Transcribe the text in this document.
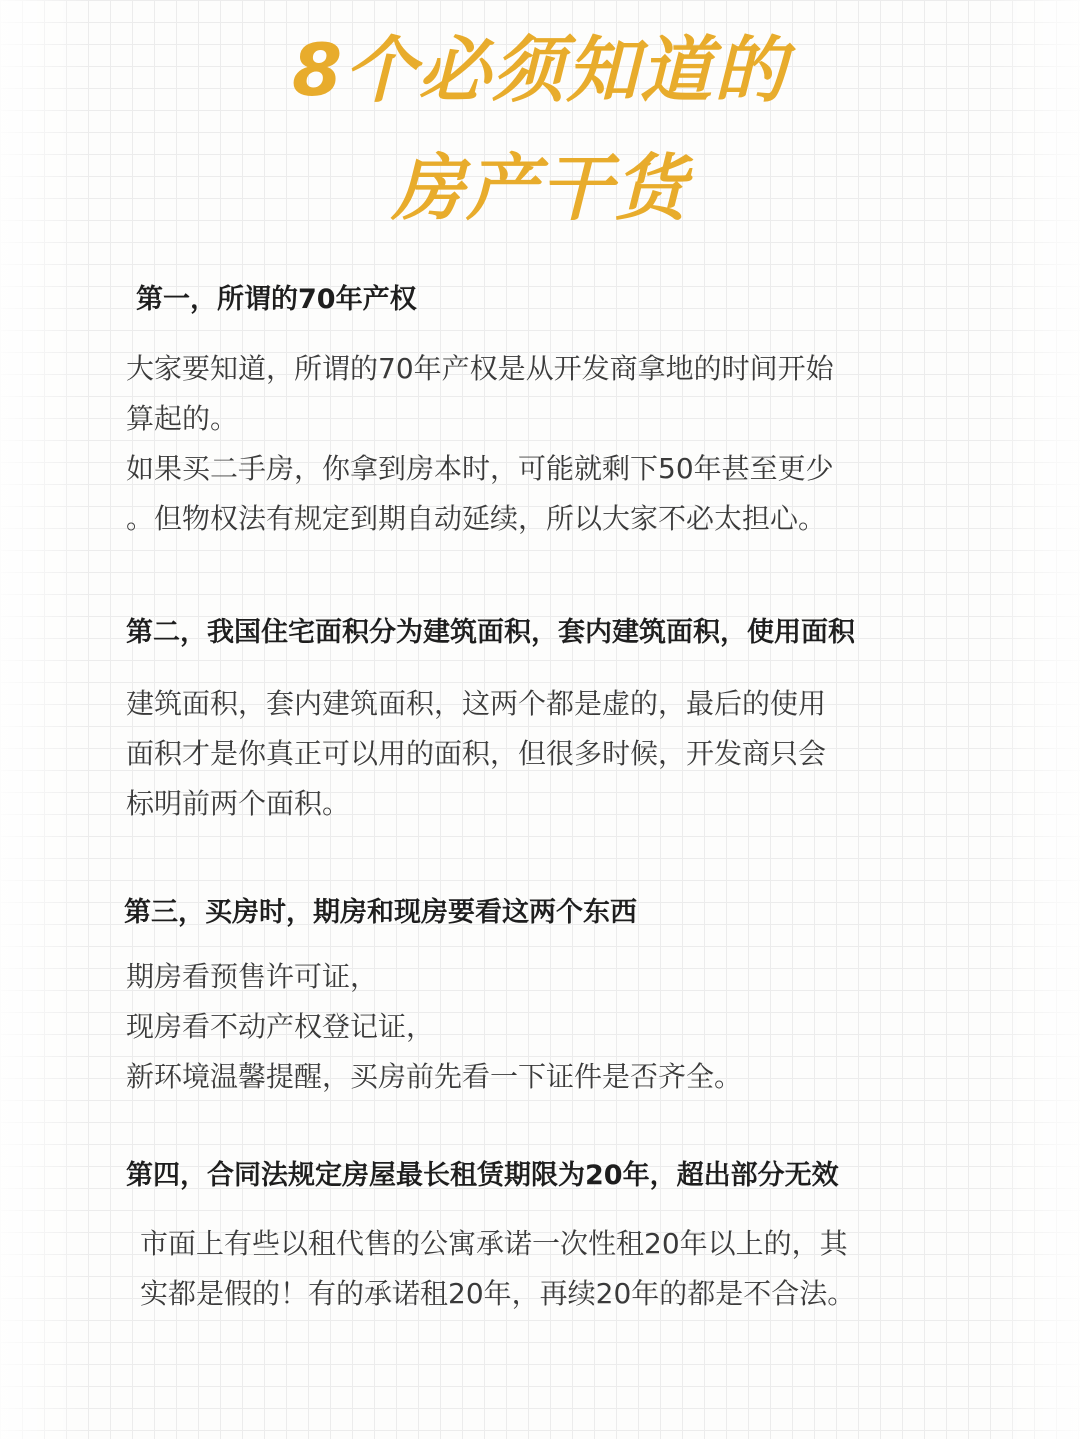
8个必须知道的
房产干货
第一，所谓的70年产权
大家要知道，所谓的70年产权是从开发商拿地的时间开始
算起的。
如果买二手房，你拿到房本时，可能就剩下50年甚至更少
。但物权法有规定到期自动延续，所以大家不必太担心。
第二，我国住宅面积分为建筑面积，套内建筑面积，使用面积
建筑面积，套内建筑面积，这两个都是虚的，最后的使用
面积才是你真正可以用的面积，但很多时候，开发商只会
标明前两个面积。
第三，买房时，期房和现房要看这两个东西
期房看预售许可证，
现房看不动产权登记证，
新环境温馨提醒，买房前先看一下证件是否齐全。
第四，合同法规定房屋最长租赁期限为20年，超出部分无效
市面上有些以租代售的公寓承诺一次性租20年以上的，其
实都是假的！有的承诺租20年，再续20年的都是不合法。
